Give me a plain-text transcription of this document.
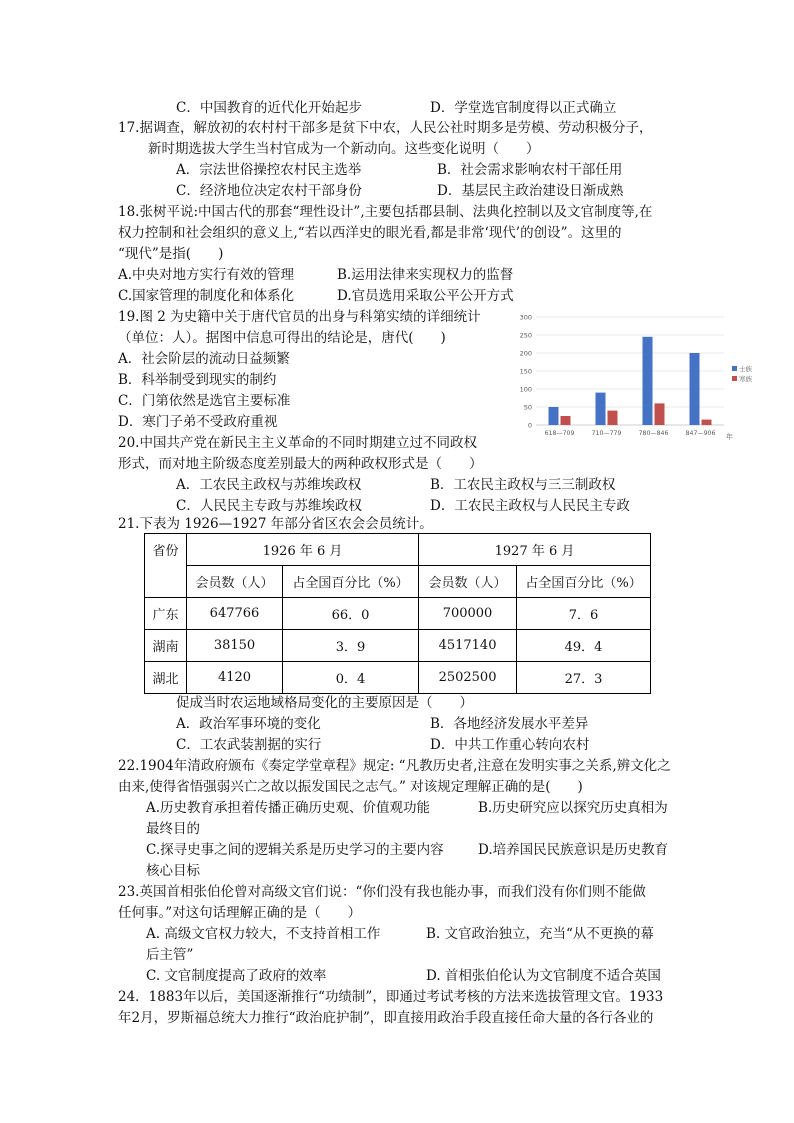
C．中国教育的近代化开始起步	D．学堂选官制度得以正式确立
17.据调查，解放初的农村村干部多是贫下中农，人民公社时期多是劳模、劳动积极分子，
新时期选拔大学生当村官成为一个新动向。这些变化说明（　　）
A．宗法世俗操控农村民主选举	B．社会需求影响农村干部任用
C．经济地位决定农村干部身份	D．基层民主政治建设日渐成熟
18.张树平说:中国古代的那套“理性设计”,主要包括郡县制、法典化控制以及文官制度等,在
权力控制和社会组织的意义上,“若以西洋史的眼光看,都是非常‘现代’的创设”。这里的
“现代”是指(　　)
A.中央对地方实行有效的管理	B.运用法律来实现权力的监督
C.国家管理的制度化和体系化	D.官员选用采取公平公开方式
19.图 2 为史籍中关于唐代官员的出身与科第实绩的详细统计
（单位：人）。据图中信息可得出的结论是，唐代(　　)
A．社会阶层的流动日益频繁
B．科举制受到现实的制约
C．门第依然是选官主要标准
D．寒门子弟不受政府重视	0
50
100
150
200
250
300
618—709	710—779	780—846	847—906 年
士族
寒族
20.中国共产党在新民主主义革命的不同时期建立过不同政权
形式，而对地主阶级态度差别最大的两种政权形式是（　　）
A．工农民主政权与苏维埃政权	B．工农民主政权与三三制政权
C．人民民主专政与苏维埃政权	D．工农民主政权与人民民主专政
21.下表为 1926—1927 年部分省区农会会员统计。
省份	1926 年 6 月		1927 年 6 月	
	会员数（人）	占全国百分比（%）	会员数（人）	占全国百分比（%）
广东	647766	66．0	700000	7．6
湖南	38150	3．9	4517140	49．4
湖北	4120	0．4	2502500	27．3
促成当时农运地域格局变化的主要原因是（　　）
A．政治军事环境的变化	B．各地经济发展水平差异
C．工农武装割据的实行	D．中共工作重心转向农村
22.1904年清政府颁布《奏定学堂章程》规定: “凡教历史者,注意在发明实事之关系,辨文化之
由来,使得省悟强弱兴亡之故以振发国民之志气。” 对该规定理解正确的是(　　)
A.历史教育承担着传播正确历史观、价值观功能	B.历史研究应以探究历史真相为
最终目的
C.探寻史事之间的逻辑关系是历史学习的主要内容	D.培养国民民族意识是历史教育
核心目标
23.英国首相张伯伦曾对高级文官们说：“你们没有我也能办事，而我们没有你们则不能做
任何事。”对这句话理解正确的是（　　）
A. 高级文官权力较大，不支持首相工作	B. 文官政治独立，充当“从不更换的幕
后主管”
C. 文官制度提高了政府的效率	D. 首相张伯伦认为文官制度不适合英国
24．1883年以后，美国逐渐推行“功绩制”，即通过考试考核的方法来选拔管理文官。1933
年2月，罗斯福总统大力推行“政治庇护制”，即直接用政治手段直接任命大量的各行各业的
